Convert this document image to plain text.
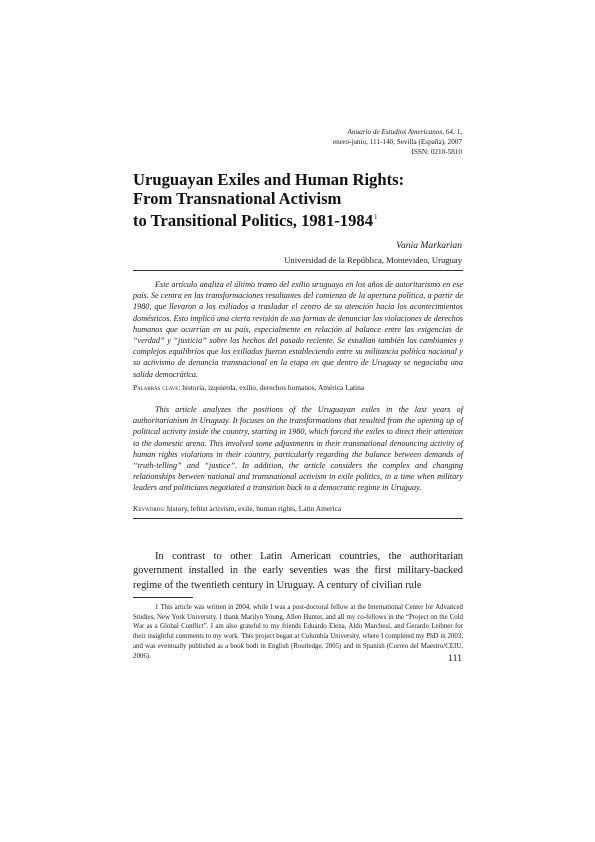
Anuario de Estudios Americanos, 64, 1,
enero-junio, 111-140, Sevilla (España), 2007
ISSN: 0210-5810
Uruguayan Exiles and Human Rights:
From Transnational Activism
to Transitional Politics, 1981-1984$^1$
Vania Markarian
Universidad de la República, Montevideo, Uruguay

Este artículo analiza el último tramo del exilio uruguayo en los años de autoritarismo en ese país. Se centra en las transformaciones resultantes del comienzo de la apertura política, a partir de 1980, que llevaron a los exiliados a trasladar el centro de su atención hacia los acontecimientos domésticos. Esto implicó una cierta revisión de sus formas de denunciar las violaciones de derechos humanos que ocurrían en su país, especialmente en relación al balance entre las exigencias de “verdad” y “justicia” sobre los hechos del pasado reciente. Se estudian también los cambiantes y complejos equilibrios que los exiliados fueron estableciendo entre su militancia política nacional y su activismo de denuncia transnacional en la etapa en que dentro de Uruguay se negociaba una salida democrática.

Palabras clave: historia, izquierda, exilio, derechos humanos, América Latina

This article analyzes the positions of the Uruguayan exiles in the last years of authoritarianism in Uruguay. It focuses on the transformations that resulted from the opening up of political activity inside the country, starting in 1980, which forced the exiles to direct their attention to the domestic arena. This involved some adjustments in their transnational denouncing activity of human rights violations in their country, particularly regarding the balance between demands of “truth-telling” and “justice”. In addition, the article considers the complex and changing relationships between national and transnational activism in exile politics, in a time when military leaders and politicians negotiated a transition back to a democratic regime in Uruguay.

Keywords: history, leftist activism, exile, human rights, Latin America

In contrast to other Latin American countries, the authoritarian government installed in the early seventies was the first military-backed regime of the twentieth century in Uruguay. A century of civilian rule

1 This article was written in 2004, while I was a post-doctoral fellow at the International Center for Advanced Studies, New York University. I thank Marilyn Young, Allen Hunter, and all my co-fellows in the “Project on the Cold War as a Global Conflict”. I am also grateful to my friends Eduardo Elena, Aldo Marchesi, and Gerardo Leibner for their insightful comments to my work. This project began at Columbia University, where I completed my PhD in 2003, and was eventually published as a book both in English (Routledge, 2005) and in Spanish (Correo del Maestro/CEIU, 2006).	111
